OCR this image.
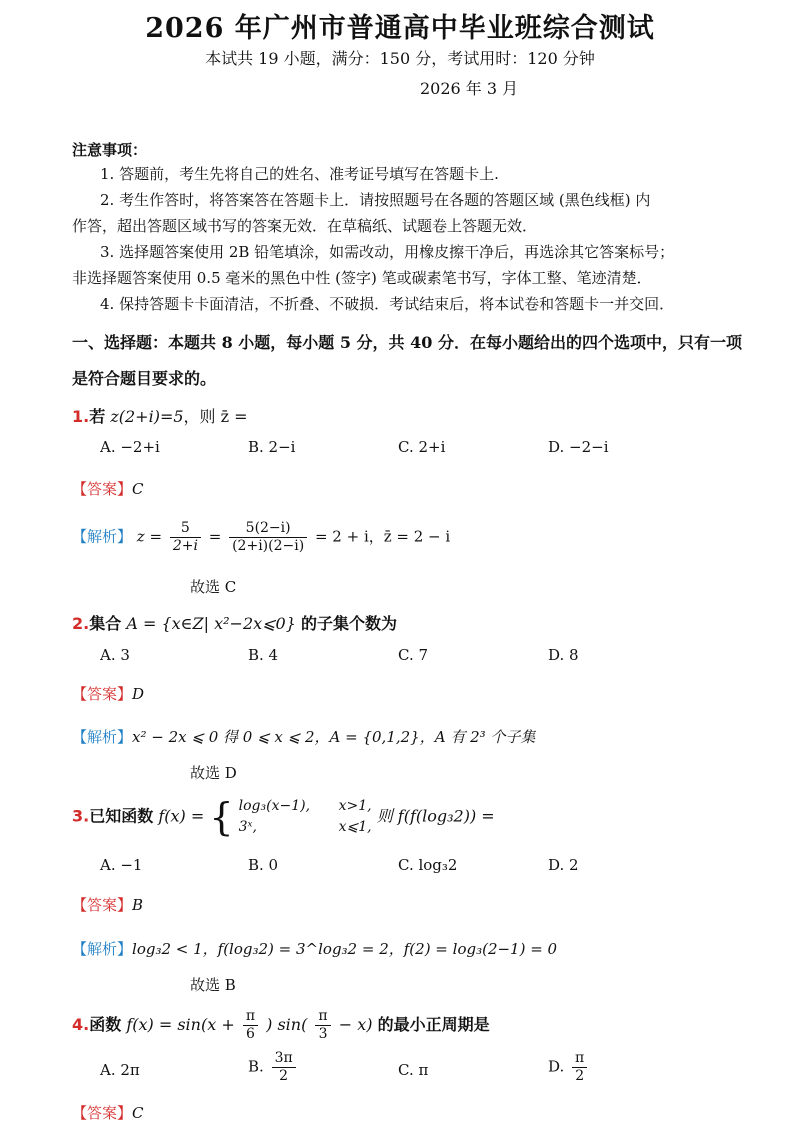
2026 年广州市普通高中毕业班综合测试
本试共 19 小题，满分：150 分，考试用时：120 分钟
2026 年 3 月
注意事项：
1. 答题前，考生先将自己的姓名、准考证号填写在答题卡上.
2. 考生作答时，将答案答在答题卡上．请按照题号在各题的答题区域 (黑色线框) 内
作答，超出答题区域书写的答案无效．在草稿纸、试题卷上答题无效．
3. 选择题答案使用 2B 铅笔填涂，如需改动，用橡皮擦干净后，再选涂其它答案标号；
非选择题答案使用 0.5 毫米的黑色中性 (签字) 笔或碳素笔书写，字体工整、笔迹清楚．
4. 保持答题卡卡面清洁，不折叠、不破损．考试结束后，将本试卷和答题卡一并交回．
一、选择题：本题共 8 小题，每小题 5 分，共 40 分．在每小题给出的四个选项中，只有一项
是符合题目要求的。
1.若 z(2+i)=5，则 z̄ =
A. −2+i	B. 2−i	C. 2+i	D. −2−i
【答案】C
【解析】 $z = \frac{5}{2+i} = \frac{5(2-i)}{(2+i)(2-i)} = 2 + i$，z̄ = 2 − i
故选 C
2.集合 A = {x∈Z| x²−2x⩽0} 的子集个数为
A. 3	B. 4	C. 7	D. 8
【答案】D
【解析】x² − 2x ⩽ 0 得 0 ⩽ x ⩽ 2，A = {0,1,2}，A 有 2³ 个子集
故选 D
3.已知函数 f(x) = { log₃(x−1), x>1,
3ˣ,	x⩽1,
则 f(f(log₃2)) =
A. −1	B. 0	C. log₃2	D. 2
【答案】B
【解析】log₃2 < 1，f(log₃2) = 3^log₃2 = 2，f(2) = log₃(2−1) = 0
故选 B
4.函数 $f(x) = \sin(x + \frac{\pi}{6}$ ) $\sin( \frac{\pi}{3} - x)$ 的最小正周期是
A. 2π	B. $\frac{3\pi}{2}$	C. π	D. $\frac{\pi}{2}$
【答案】C
